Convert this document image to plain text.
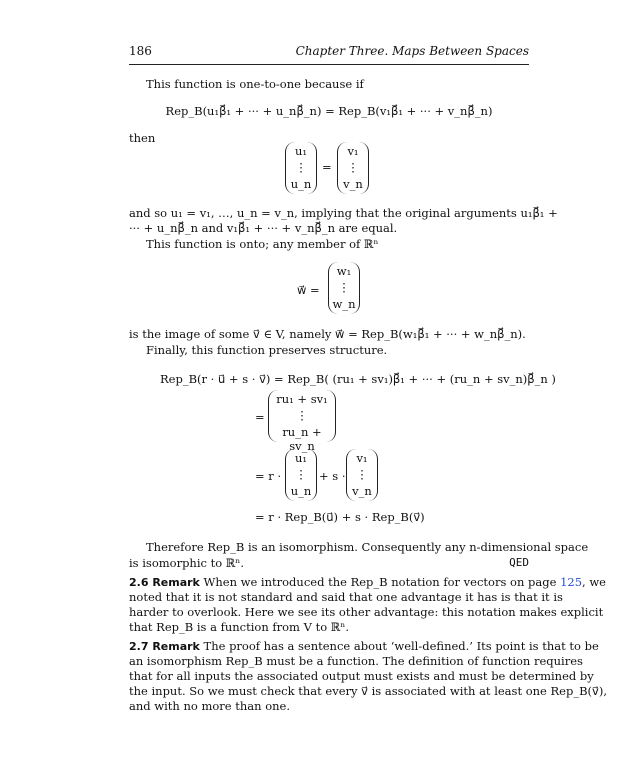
186	Chapter Three. Maps Between Spaces
This function is one-to-one because if
Rep_B(u₁β⃗₁ + ··· + u_nβ⃗_n) = Rep_B(v₁β⃗₁ + ··· + v_nβ⃗_n)
then
u₁
⋮
u_n
=
v₁
⋮
v_n
and so u₁ = v₁, …, u_n = v_n, implying that the original arguments u₁β⃗₁ +
··· + u_nβ⃗_n and v₁β⃗₁ + ··· + v_nβ⃗_n are equal.
This function is onto; any member of ℝⁿ
w⃗ =
w₁
⋮
w_n
is the image of some v⃗ ∈ V, namely w⃗ = Rep_B(w₁β⃗₁ + ··· + w_nβ⃗_n).
Finally, this function preserves structure.
Rep_B(r · u⃗ + s · v⃗) = Rep_B( (ru₁ + sv₁)β⃗₁ + ··· + (ru_n + sv_n)β⃗_n )
=
ru₁ + sv₁
⋮
ru_n + sv_n
= r ·
u₁
⋮
u_n
+ s ·
v₁
⋮
v_n
= r · Rep_B(u⃗) + s · Rep_B(v⃗)
Therefore Rep_B is an isomorphism. Consequently any n-dimensional space
is isomorphic to ℝⁿ.	QED
2.6 Remark When we introduced the Rep_B notation for vectors on page 125, we
noted that it is not standard and said that one advantage it has is that it is
harder to overlook. Here we see its other advantage: this notation makes explicit
that Rep_B is a function from V to ℝⁿ.
2.7 Remark The proof has a sentence about ‘well-defined.’ Its point is that to be
an isomorphism Rep_B must be a function. The definition of function requires
that for all inputs the associated output must exists and must be determined by
the input. So we must check that every v⃗ is associated with at least one Rep_B(v⃗),
and with no more than one.
